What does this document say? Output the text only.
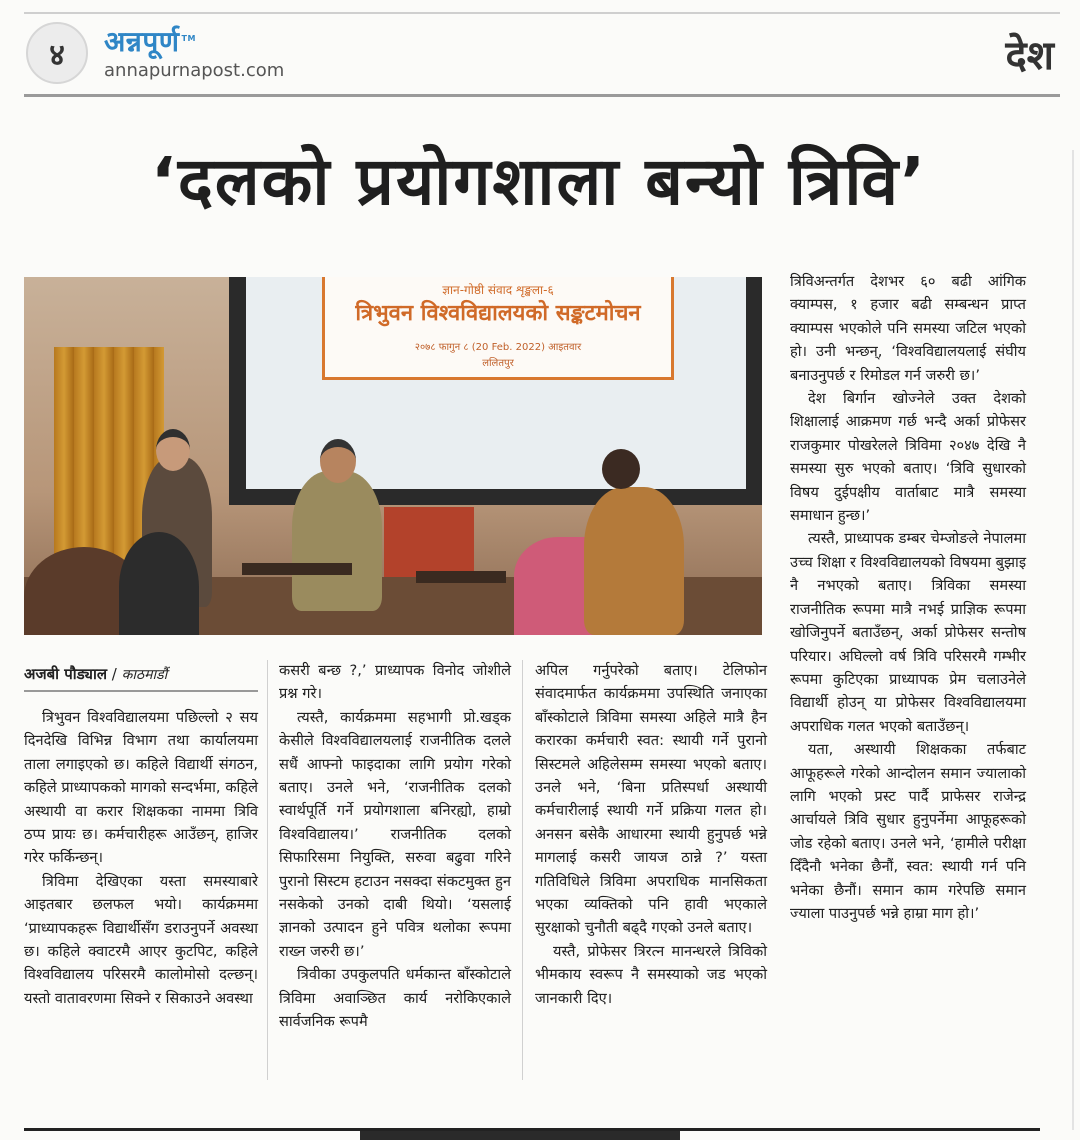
४	अन्नपूर्ण ™
annapurnapost.com	देश
‘दलको प्रयोगशाला बन्यो त्रिवि’
ज्ञान-गोष्ठी संवाद शृङ्खला-६
त्रिभुवन विश्वविद्यालयको सङ्कटमोचन
२०७८ फागुन ८ (20 Feb. 2022) आइतवार
ललितपुर
अजबी पौड्याल / काठमाडौं

त्रिभुवन विश्वविद्यालयमा पछिल्लो २ सय दिनदेखि विभिन्न विभाग तथा कार्यालयमा ताला लगाइएको छ। कहिले विद्यार्थी संगठन, कहिले प्राध्यापकको मागको सन्दर्भमा, कहिले अस्थायी वा करार शिक्षकका नाममा त्रिवि ठप्प प्रायः छ। कर्मचारीहरू आउँछन्, हाजिर गरेर फर्किन्छन्।

त्रिविमा देखिएका यस्ता समस्याबारे आइतबार छलफल भयो। कार्यक्रममा ‘प्राध्यापकहरू विद्यार्थीसँग डराउनुपर्ने अवस्था छ। कहिले क्वाटरमै आएर कुटपिट, कहिले विश्वविद्यालय परिसरमै कालोमोसो दल्छन्। यस्तो वातावरणमा सिक्ने र सिकाउने अवस्था

कसरी बन्छ ?,’ प्राध्यापक विनोद जोशीले प्रश्न गरे।

त्यस्तै, कार्यक्रममा सहभागी प्रो.खड्क केसीले विश्वविद्यालयलाई राजनीतिक दलले सधैं आफ्नो फाइदाका लागि प्रयोग गरेको बताए। उनले भने, ‘राजनीतिक दलको स्वार्थपूर्ति गर्ने प्रयोगशाला बनिरह्यो, हाम्रो विश्वविद्यालय।’ राजनीतिक दलको सिफारिसमा नियुक्ति, सरुवा बढुवा गरिने पुरानो सिस्टम हटाउन नसक्दा संकटमुक्त हुन नसकेको उनको दाबी थियो। ‘यसलाई ज्ञानको उत्पादन हुने पवित्र थलोका रूपमा राख्न जरुरी छ।’

त्रिवीका उपकुलपति धर्मकान्त बाँस्कोटाले त्रिविमा अवाञ्छित कार्य नरोकिएकाले सार्वजनिक रूपमै

अपिल गर्नुपरेको बताए। टेलिफोन संवादमार्फत कार्यक्रममा उपस्थिति जनाएका बाँस्कोटाले त्रिविमा समस्या अहिले मात्रै हैन करारका कर्मचारी स्वत: स्थायी गर्ने पुरानो सिस्टमले अहिलेसम्म समस्या भएको बताए। उनले भने, ‘बिना प्रतिस्पर्धा अस्थायी कर्मचारीलाई स्थायी गर्ने प्रक्रिया गलत हो। अनसन बसेकै आधारमा स्थायी हुनुपर्छ भन्ने मागलाई कसरी जायज ठान्ने ?’ यस्ता गतिविधिले त्रिविमा अपराधिक मानसिकता भएका व्यक्तिको पनि हावी भएकाले सुरक्षाको चुनौती बढ्दै गएको उनले बताए।

यस्तै, प्रोफेसर त्रिरत्न मानन्धरले त्रिविको भीमकाय स्वरूप नै समस्याको जड भएको जानकारी दिए।

त्रिविअन्तर्गत देशभर ६० बढी आंगिक क्याम्पस, १ हजार बढी सम्बन्धन प्राप्त क्याम्पस भएकोले पनि समस्या जटिल भएको हो। उनी भन्छन्, ‘विश्वविद्यालयलाई संघीय बनाउनुपर्छ र रिमोडल गर्न जरुरी छ।’

देश बिर्गान खोज्नेले उक्त देशको शिक्षालाई आक्रमण गर्छ भन्दै अर्का प्रोफेसर राजकुमार पोखरेलले त्रिविमा २०४७ देखि नै समस्या सुरु भएको बताए। ‘त्रिवि सुधारको विषय दुईपक्षीय वार्ताबाट मात्रै समस्या समाधान हुन्छ।’

त्यस्तै, प्राध्यापक डम्बर चेम्जोङले नेपालमा उच्च शिक्षा र विश्वविद्यालयको विषयमा बुझाइ नै नभएको बताए। त्रिविका समस्या राजनीतिक रूपमा मात्रै नभई प्राज्ञिक रूपमा खोजिनुपर्ने बताउँछन्, अर्का प्रोफेसर सन्तोष परियार। अघिल्लो वर्ष त्रिवि परिसरमै गम्भीर रूपमा कुटिएका प्राध्यापक प्रेम चलाउनेले विद्यार्थी होउन् या प्रोफेसर विश्वविद्यालयमा अपराधिक गलत भएको बताउँछन्।

यता, अस्थायी शिक्षकका तर्फबाट आफूहरूले गरेको आन्दोलन समान ज्यालाको लागि भएको प्रस्ट पार्दै प्राफेसर राजेन्द्र आर्चायले त्रिवि सुधार हुनुपर्नेमा आफूहरूको जोड रहेको बताए। उनले भने, ‘हामीले परीक्षा दिँदैनौ भनेका छैनौं, स्वत: स्थायी गर्न पनि भनेका छैनौं। समान काम गरेपछि समान ज्याला पाउनुपर्छ भन्ने हाम्रा माग हो।’
